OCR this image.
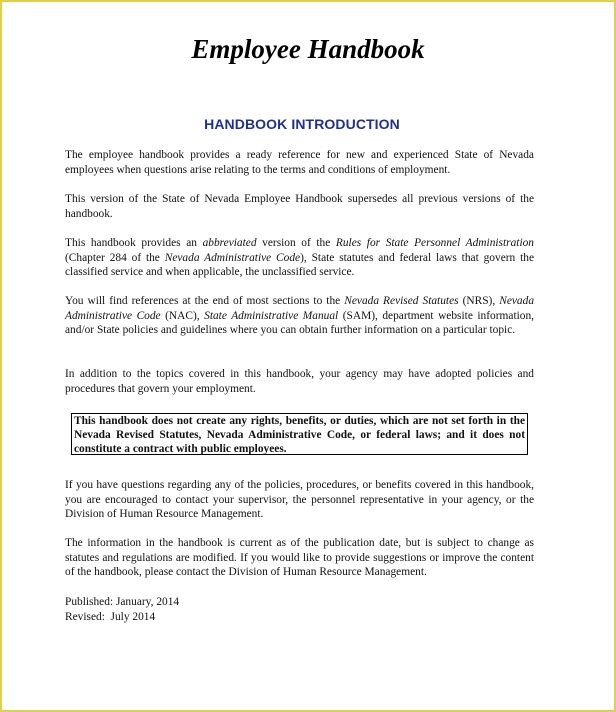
Employee Handbook
HANDBOOK INTRODUCTION

The employee handbook provides a ready reference for new and experienced State of Nevada employees when questions arise relating to the terms and conditions of employment.

This version of the State of Nevada Employee Handbook supersedes all previous versions of the handbook.

This handbook provides an abbreviated version of the Rules for State Personnel Administration (Chapter 284 of the Nevada Administrative Code), State statutes and federal laws that govern the classified service and when applicable, the unclassified service.

You will find references at the end of most sections to the Nevada Revised Statutes (NRS), Nevada Administrative Code (NAC), State Administrative Manual (SAM), department website information, and/or State policies and guidelines where you can obtain further information on a particular topic.

In addition to the topics covered in this handbook, your agency may have adopted policies and procedures that govern your employment.

This handbook does not create any rights, benefits, or duties, which are not set forth in the Nevada Revised Statutes, Nevada Administrative Code, or federal laws; and it does not constitute a contract with public employees.

If you have questions regarding any of the policies, procedures, or benefits covered in this handbook, you are encouraged to contact your supervisor, the personnel representative in your agency, or the Division of Human Resource Management.

The information in the handbook is current as of the publication date, but is subject to change as statutes and regulations are modified. If you would like to provide suggestions or improve the content of the handbook, please contact the Division of Human Resource Management.

Published: January, 2014
Revised:  July 2014
